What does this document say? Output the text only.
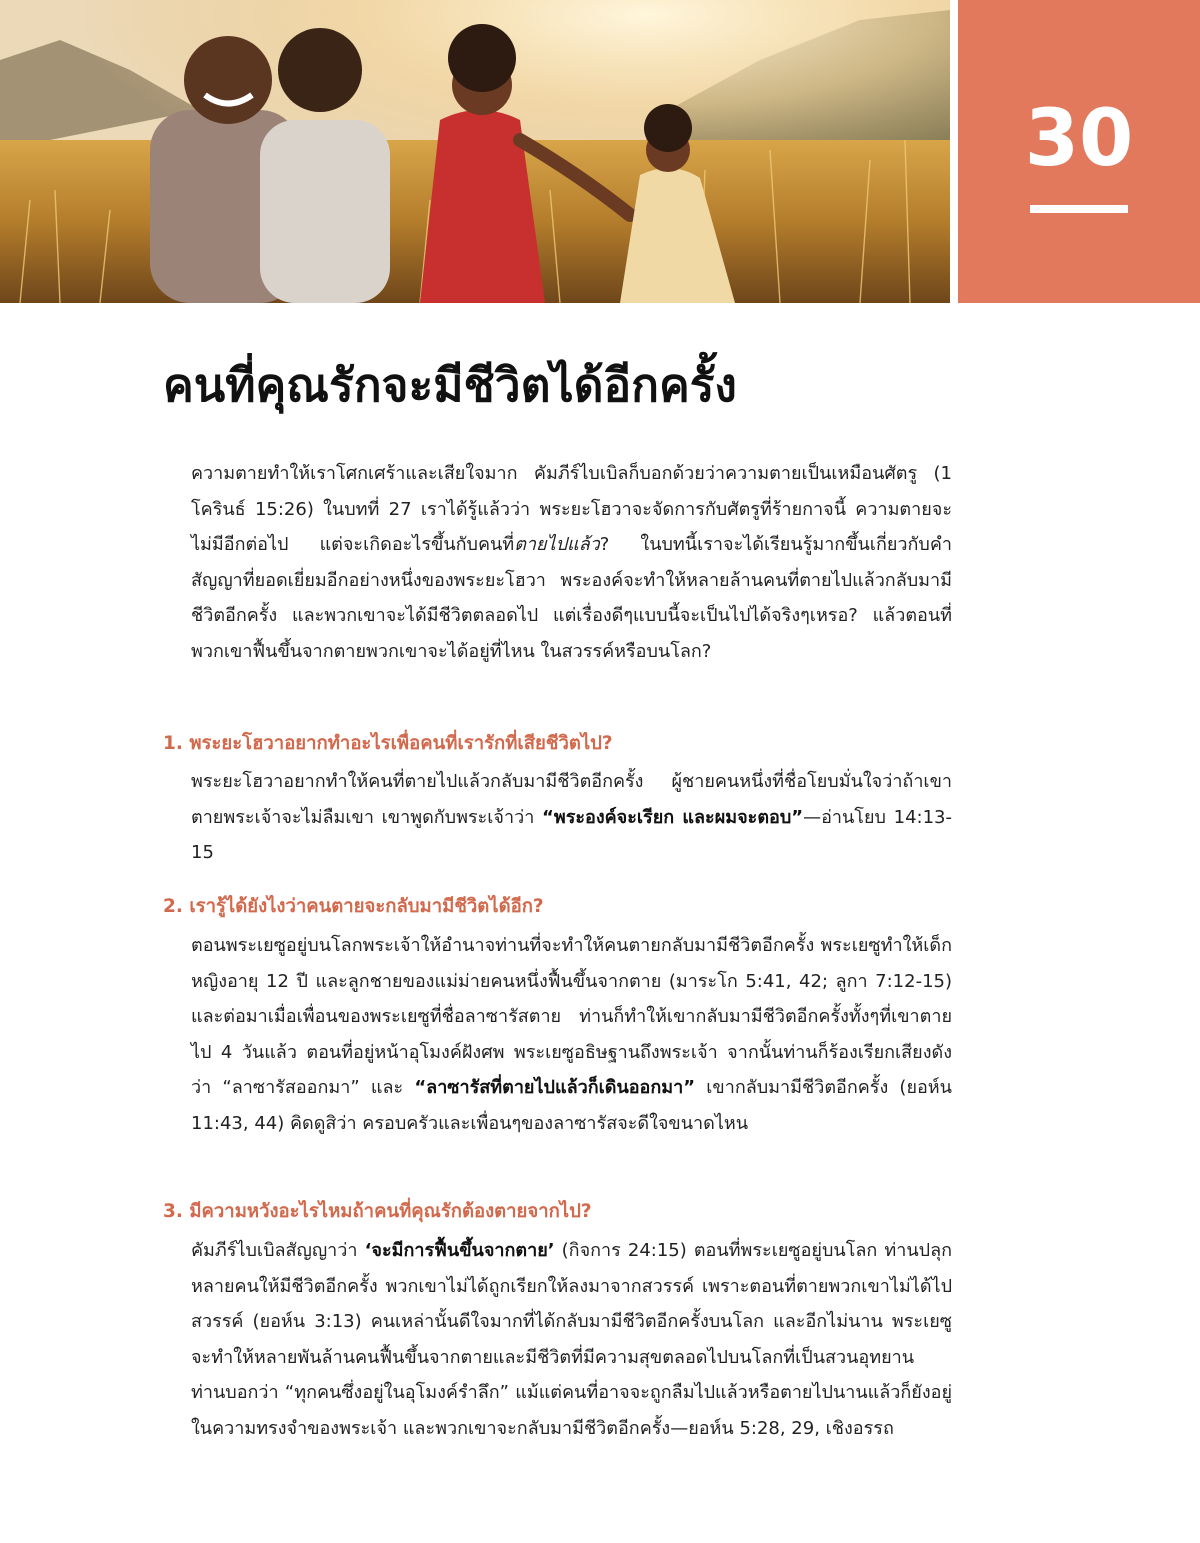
30
คนที่คุณรักจะมีชีวิตได้อีกครั้ง

ความตายทำให้เราโศกเศร้าและเสียใจมาก คัมภีร์ไบเบิลก็บอกด้วยว่าความตายเป็นเหมือนศัตรู (1 โครินธ์ 15:26) ในบทที่ 27 เราได้รู้แล้วว่า พระยะโฮวาจะจัดการกับศัตรูที่ร้ายกาจนี้ ความตายจะไม่มีอีกต่อไป แต่จะเกิดอะไรขึ้นกับคนที่ตายไปแล้ว? ในบทนี้เราจะได้เรียนรู้มากขึ้นเกี่ยวกับคำสัญญาที่ยอดเยี่ยมอีกอย่างหนึ่งของพระยะโฮวา พระองค์จะทำให้หลายล้านคนที่ตายไปแล้วกลับมามีชีวิตอีกครั้ง และพวกเขาจะได้มีชีวิตตลอดไป แต่เรื่องดีๆแบบนี้จะเป็นไปได้จริงๆเหรอ? แล้วตอนที่พวกเขาฟื้นขึ้นจากตายพวกเขาจะได้อยู่ที่ไหน ในสวรรค์หรือบนโลก?

1. พระยะโฮวาอยากทำอะไรเพื่อคนที่เรารักที่เสียชีวิตไป?

พระยะโฮวาอยากทำให้คนที่ตายไปแล้วกลับมามีชีวิตอีกครั้ง ผู้ชายคนหนึ่งที่ชื่อโยบมั่นใจว่าถ้าเขาตายพระเจ้าจะไม่ลืมเขา เขาพูดกับพระเจ้าว่า “พระองค์จะเรียก และผมจะตอบ”—อ่านโยบ 14:13-15

2. เรารู้ได้ยังไงว่าคนตายจะกลับมามีชีวิตได้อีก?

ตอนพระเยซูอยู่บนโลกพระเจ้าให้อำนาจท่านที่จะทำให้คนตายกลับมามีชีวิตอีกครั้ง พระเยซูทำให้เด็กหญิงอายุ 12 ปี และลูกชายของแม่ม่ายคนหนึ่งฟื้นขึ้นจากตาย (มาระโก 5:41, 42; ลูกา 7:12-15) และต่อมาเมื่อเพื่อนของพระเยซูที่ชื่อลาซารัสตาย ท่านก็ทำให้เขากลับมามีชีวิตอีกครั้งทั้งๆที่เขาตายไป 4 วันแล้ว ตอนที่อยู่หน้าอุโมงค์ฝังศพ พระเยซูอธิษฐานถึงพระเจ้า จากนั้นท่านก็ร้องเรียกเสียงดังว่า “ลาซารัสออกมา” และ “ลาซารัสที่ตายไปแล้วก็เดินออกมา” เขากลับมามีชีวิตอีกครั้ง (ยอห์น 11:43, 44) คิดดูสิว่า ครอบครัวและเพื่อนๆของลาซารัสจะดีใจขนาดไหน

3. มีความหวังอะไรไหมถ้าคนที่คุณรักต้องตายจากไป?

คัมภีร์ไบเบิลสัญญาว่า ‘จะมีการฟื้นขึ้นจากตาย’ (กิจการ 24:15) ตอนที่พระเยซูอยู่บนโลก ท่านปลุกหลายคนให้มีชีวิตอีกครั้ง พวกเขาไม่ได้ถูกเรียกให้ลงมาจากสวรรค์ เพราะตอนที่ตายพวกเขาไม่ได้ไปสวรรค์ (ยอห์น 3:13) คนเหล่านั้นดีใจมากที่ได้กลับมามีชีวิตอีกครั้งบนโลก และอีกไม่นาน พระเยซูจะทำให้หลายพันล้านคนฟื้นขึ้นจากตายและมีชีวิตที่มีความสุขตลอดไปบนโลกที่เป็นสวนอุทยาน ท่านบอกว่า “ทุกคนซึ่งอยู่ในอุโมงค์รำลึก” แม้แต่คนที่อาจจะถูกลืมไปแล้วหรือตายไปนานแล้วก็ยังอยู่ในความทรงจำของพระเจ้า และพวกเขาจะกลับมามีชีวิตอีกครั้ง—ยอห์น 5:28, 29, เชิงอรรถ
